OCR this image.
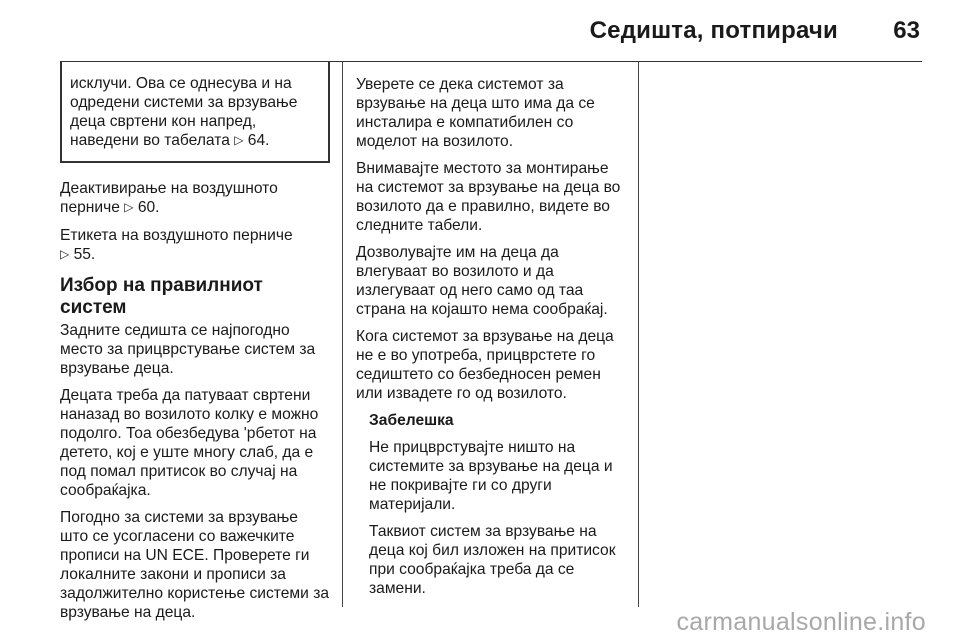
Седишта, потпирачи 63

исклучи. Ова се однесува и на одредени системи за врзување деца свртени кон напред, наведени во табелата ▷ 64.

Деактивирање на воздушното перниче ▷ 60.

Етикета на воздушното перниче
▷ 55.

Избор на правилниот систем

Задните седишта се најпогодно место за прицврстување систем за врзување деца.

Децата треба да патуваат свртени наназад во возилото колку е можно подолго. Тоа обезбедува 'рбетот на детето, кој е уште многу слаб, да е под помал притисок во случај на сообраќајка.

Погодно за системи за врзување што се усогласени со важечките прописи на UN ECE. Проверете ги локалните закони и прописи за задолжително користење системи за врзување на деца.

Уверете се дека системот за врзување на деца што има да се инсталира е компатибилен со моделот на возилото.

Внимавајте местото за монтирање на системот за врзување на деца во возилото да е правилно, видете во следните табели.

Дозволувајте им на деца да влегуваат во возилото и да излегуваат од него само од таа страна на којашто нема сообраќај.

Кога системот за врзување на деца не е во употреба, прицврстете го седиштето со безбедносен ремен или извадете го од возилото.

Забелешка

Не прицврстувајте ништо на системите за врзување на деца и не покривајте ги со други материјали.

Таквиот систем за врзување на деца кој бил изложен на притисок при сообраќајка треба да се замени.

carmanualsonline.info
